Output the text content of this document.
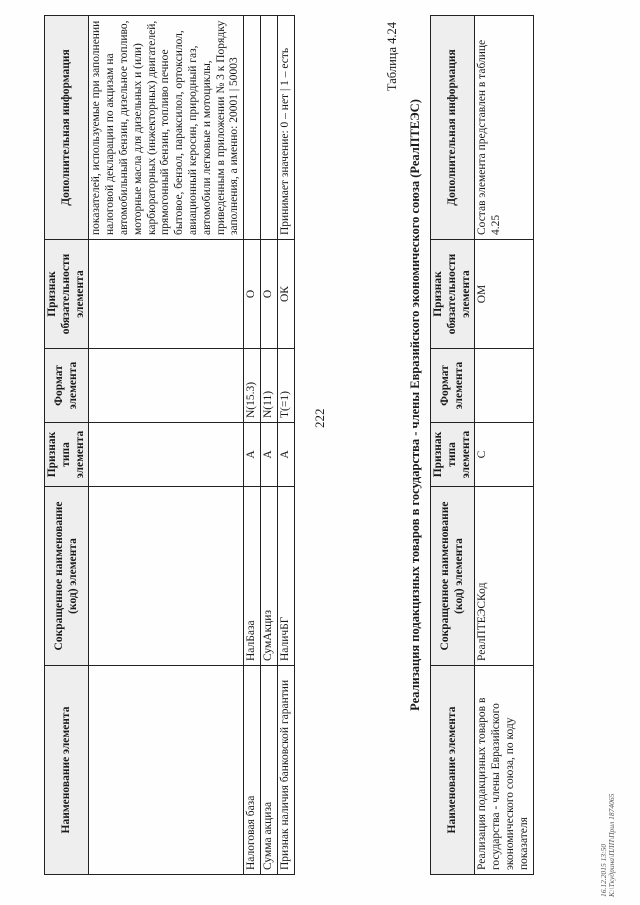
222
Наименование элемента	Сокращенное наименование (код) элемента	Признак типа элемента	Формат элемента	Признак обязательности элемента	Дополнительная информация
					показателей, используемые при заполнении налоговой декларации по акцизам на автомобильный бензин, дизельное топливо, моторные масла для дизельных и (или) карбюраторных (инжекторных) двигателей, прямогонный бензин, топливо печное бытовое, бензол, параксилол, ортоксилол, авиационный керосин, природный газ, автомобили легковые и мотоциклы, приведенным в приложении № 3 к Порядку заполнения, а именно: 20001 | 50003
Налоговая база	НалБаза	А	N(15.3)	О	
Сумма акциза	СумАкциз	А	N(11)	О	
Признак наличия банковской гарантии	НаличБГ	А	T(=1)	ОК	Принимает значение: 0 – нет | 1 – есть	Таблица 4.24
Реализация подакцизных товаров в государства - члены Евразийского экономического союза (РеалПТЕЭС)
Наименование элемента	Сокращенное наименование (код) элемента	Признак типа элемента	Формат элемента	Признак обязательности элемента	Дополнительная информация
Реализация подакцизных товаров в государства - члены Евразийского экономического союза, по коду показателя	РеалПТЕЭСКод	С		ОМ	Состав элемента представлен в таблице 4.25
16.12.2015 13:50 К:\Ткудрина\ПЛП\Прил 1874065
